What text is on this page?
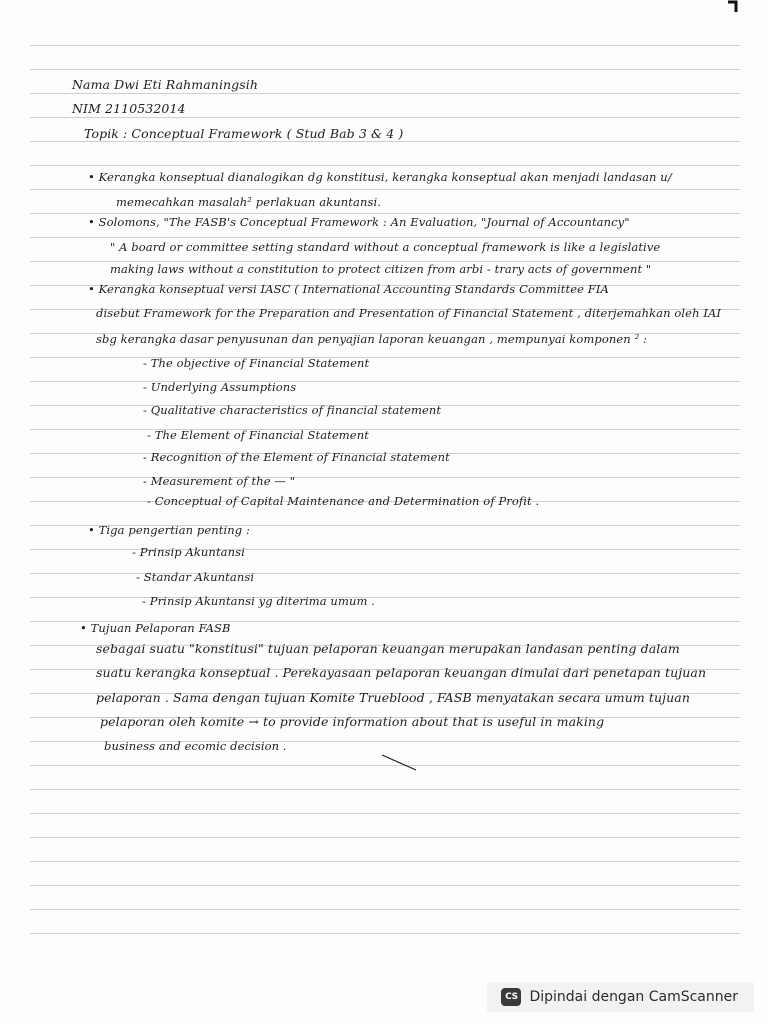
Nama Dwi Eti Rahmaningsih
NIM 2110532014
Topik : Conceptual Framework ( Stud Bab 3 & 4 )
• Kerangka konseptual dianalogikan dg konstitusi, kerangka konseptual akan menjadi landasan u/
memecahkan masalah² perlakuan akuntansi.
• Solomons, "The FASB's Conceptual Framework : An Evaluation, "Journal of Accountancy"
" A board or committee setting standard without a conceptual framework is like a legislative
making laws without a constitution to protect citizen from arbi - trary acts of government "
• Kerangka konseptual versi IASC ( International Accounting Standards Committee FIA
disebut Framework for the Preparation and Presentation of Financial Statement , diterjemahkan oleh IAI
sbg kerangka dasar penyusunan dan penyajian laporan keuangan , mempunyai komponen ² :
- The objective of Financial Statement
- Underlying Assumptions
- Qualitative characteristics of financial statement
- The Element of Financial Statement
- Recognition of the Element of Financial statement
- Measurement of the — "
- Conceptual of Capital Maintenance and Determination of Profit .
• Tiga pengertian penting :
- Prinsip Akuntansi
- Standar Akuntansi
- Prinsip Akuntansi yg diterima umum .
• Tujuan Pelaporan FASB
sebagai suatu "konstitusi" tujuan pelaporan keuangan merupakan landasan penting dalam
suatu kerangka konseptual . Perekayasaan pelaporan keuangan dimulai dari penetapan tujuan
pelaporan . Sama dengan tujuan Komite Trueblood , FASB menyatakan secara umum tujuan
pelaporan oleh komite → to provide information about that is useful in making
business and ecomic decision .
CS Dipindai dengan CamScanner
